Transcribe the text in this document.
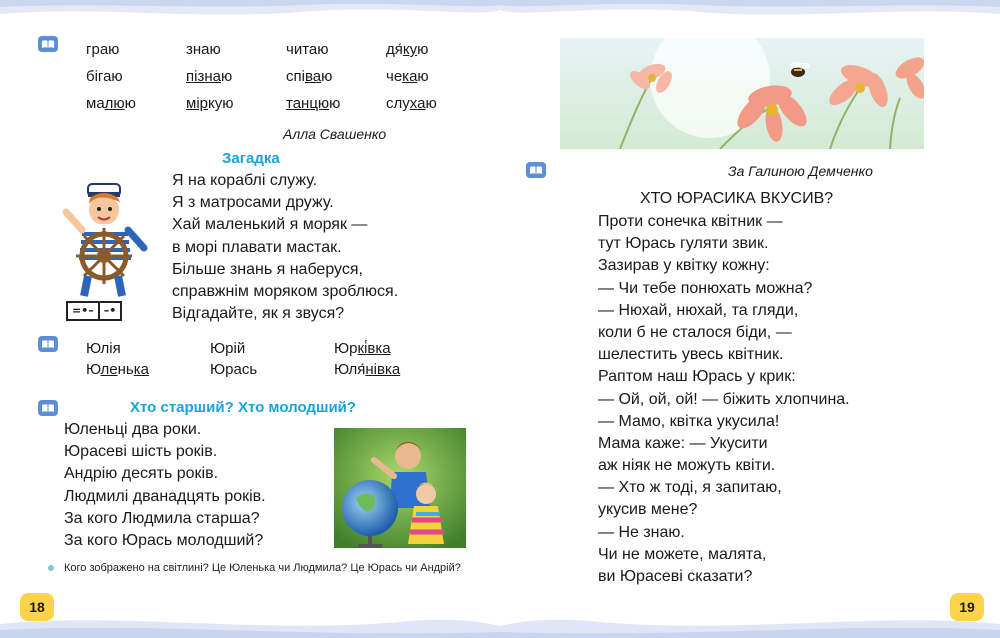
граю	знаю	читаю	дя́кую
бігаю	пізнаю	співаю	чекаю
малюю	міркую	танцюю	слухаю
Алла Свашенко
Загадка
Я на кораблі служу.
Я з матросами дружу.
Хай маленький я моряк —
в морі плавати мастак.
Більше знань я наберуся,
справжнім моряком зроблюся.
Відгадайте, як я звуся?
=•– –•
Юлія	Юрій	Юркі́вка
Юленька	Юрась	Юля́нівка
Хто старший? Хто молодший?
Юленьці два роки.
Юрасеві шість років.
Андрію десять років.
Людмилі дванадцять років.
За кого Людмила старша?
За кого Юрась молодший?
Кого зображено на світлині? Це Юленька чи Людмила? Це Юрась чи Андрій?
18
За Галиною Демченко
ХТО ЮРАСИКА ВКУСИВ?
Проти сонечка квітник —
тут Юрась гуляти звик.
Зазирав у квітку кожну:
— Чи тебе понюхать можна?
— Нюхай, нюхай, та гляди,
коли б не сталося біди, —
шелестить увесь квітник.
Раптом наш Юрась у крик:
— Ой, ой, ой! — біжить хлопчина.
— Мамо, квітка укусила!
Мама каже: — Укусити
аж ніяк не можуть квіти.
— Хто ж тоді, я запитаю,
укусив мене?
— Не знаю.
Чи не можете, малята,
ви Юрасеві сказати?
19
